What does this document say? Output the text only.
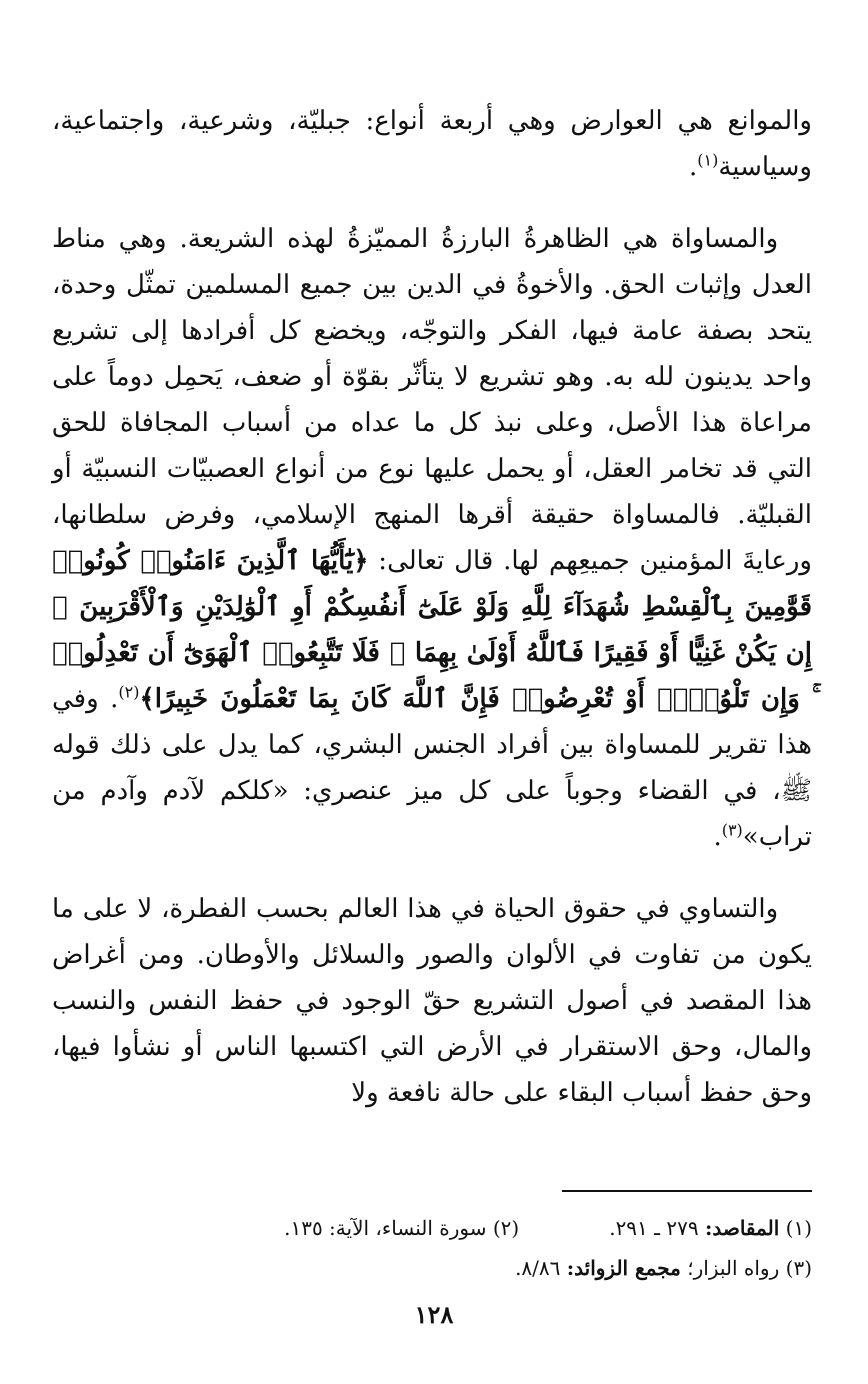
والموانع هي العوارض وهي أربعة أنواع: جبليّة، وشرعية، واجتماعية، وسياسية$^{(١)}$.

والمساواة هي الظاهرةُ البارزةُ المميّزةُ لهذه الشريعة. وهي مناط العدل وإثبات الحق. والأخوةُ في الدين بين جميع المسلمين تمثّل وحدة، يتحد بصفة عامة فيها، الفكر والتوجّه، ويخضع كل أفرادها إلى تشريع واحد يدينون لله به. وهو تشريع لا يتأثّر بقوّة أو ضعف، يَحمِل دوماً على مراعاة هذا الأصل، وعلى نبذ كل ما عداه من أسباب المجافاة للحق التي قد تخامر العقل، أو يحمل عليها نوع من أنواع العصبيّات النسبيّة أو القبليّة. فالمساواة حقيقة أقرها المنهج الإسلامي، وفرض سلطانها، ورعايةَ المؤمنين جميعِهم لها. قال تعالى: ﴿يَٰٓأَيُّهَا ٱلَّذِينَ ءَامَنُوا۟ كُونُوا۟ قَوَّٰمِينَ بِٱلْقِسْطِ شُهَدَآءَ لِلَّهِ وَلَوْ عَلَىٰٓ أَنفُسِكُمْ أَوِ ٱلْوَٰلِدَيْنِ وَٱلْأَقْرَبِينَ ۚ إِن يَكُنْ غَنِيًّا أَوْ فَقِيرًا فَٱللَّهُ أَوْلَىٰ بِهِمَا ۖ فَلَا تَتَّبِعُوا۟ ٱلْهَوَىٰٓ أَن تَعْدِلُوا۟ ۚ وَإِن تَلْوُۥٓا۟ أَوْ تُعْرِضُوا۟ فَإِنَّ ٱللَّهَ كَانَ بِمَا تَعْمَلُونَ خَبِيرًا﴾$^{(٢)}$. وفي هذا تقرير للمساواة بين أفراد الجنس البشري، كما يدل على ذلك قوله ﷺ، في القضاء وجوباً على كل ميز عنصري: «كلكم لآدم وآدم من تراب»$^{(٣)}$.

والتساوي في حقوق الحياة في هذا العالم بحسب الفطرة، لا على ما يكون من تفاوت في الألوان والصور والسلائل والأوطان. ومن أغراض هذا المقصد في أصول التشريع حقّ الوجود في حفظ النفس والنسب والمال، وحق الاستقرار في الأرض التي اكتسبها الناس أو نشأوا فيها، وحق حفظ أسباب البقاء على حالة نافعة ولا

(١) المقاصد: ٢٧٩ ـ ٢٩١.
(٢) سورة النساء، الآية: ١٣٥.
(٣) رواه البزار؛ مجمع الزوائد: ٨/٨٦.
١٢٨
